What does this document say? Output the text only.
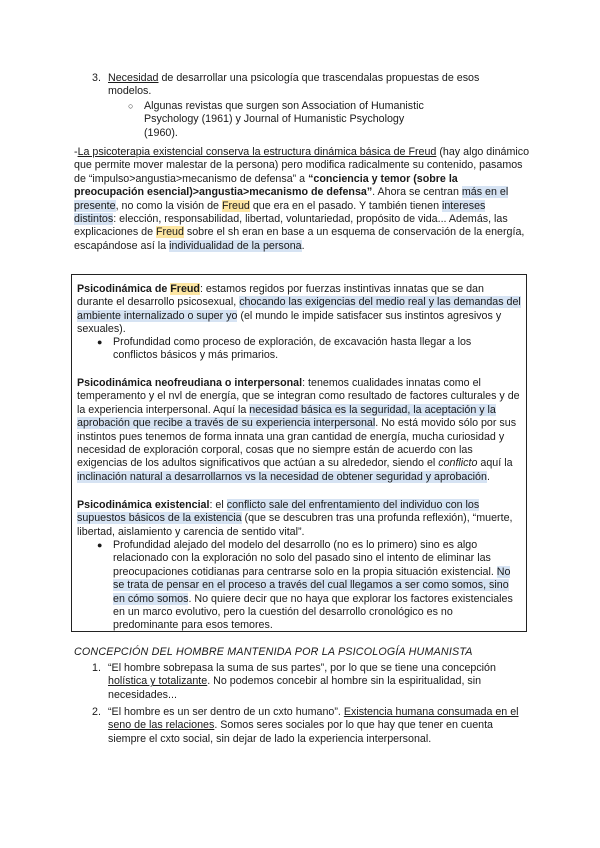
3. Necesidad de desarrollar una psicología que trascendalas propuestas de esos modelos.

○ Algunas revistas que surgen son Association of Humanistic Psychology (1961) y Journal of Humanistic Psychology (1960).

-La psicoterapia existencial conserva la estructura dinámica básica de Freud (hay algo dinámico que permite mover malestar de la persona) pero modifica radicalmente su contenido, pasamos de “impulso>angustia>mecanismo de defensa” a “conciencia y temor (sobre la preocupación esencial)>angustia>mecanismo de defensa”. Ahora se centran más en el presente, no como la visión de Freud que era en el pasado. Y también tienen intereses distintos: elección, responsabilidad, libertad, voluntariedad, propósito de vida... Además, las explicaciones de Freud sobre el sh eran en base a un esquema de conservación de la energía, escapándose así la individualidad de la persona.

Psicodinámica de Freud: estamos regidos por fuerzas instintivas innatas que se dan durante el desarrollo psicosexual, chocando las exigencias del medio real y las demandas del ambiente internalizado o super yo (el mundo le impide satisfacer sus instintos agresivos y sexuales).

● Profundidad como proceso de exploración, de excavación hasta llegar a los conflictos básicos y más primarios.

Psicodinámica neofreudiana o interpersonal: tenemos cualidades innatas como el temperamento y el nvl de energía, que se integran como resultado de factores culturales y de la experiencia interpersonal. Aquí la necesidad básica es la seguridad, la aceptación y la aprobación que recibe a través de su experiencia interpersonal. No está movido sólo por sus instintos pues tenemos de forma innata una gran cantidad de energía, mucha curiosidad y necesidad de exploración corporal, cosas que no siempre están de acuerdo con las exigencias de los adultos significativos que actúan a su alrededor, siendo el conflicto aquí la inclinación natural a desarrollarnos vs la necesidad de obtener seguridad y aprobación.

Psicodinámica existencial: el conflicto sale del enfrentamiento del individuo con los supuestos básicos de la existencia (que se descubren tras una profunda reflexión), “muerte, libertad, aislamiento y carencia de sentido vital”.

● Profundidad alejado del modelo del desarrollo (no es lo primero) sino es algo relacionado con la exploración no solo del pasado sino el intento de eliminar las preocupaciones cotidianas para centrarse solo en la propia situación existencial. No se trata de pensar en el proceso a través del cual llegamos a ser como somos, sino en cómo somos. No quiere decir que no haya que explorar los factores existenciales en un marco evolutivo, pero la cuestión del desarrollo cronológico es no predominante para esos temores.

CONCEPCIÓN DEL HOMBRE MANTENIDA POR LA PSICOLOGÍA HUMANISTA

1. “El hombre sobrepasa la suma de sus partes”, por lo que se tiene una concepción holística y totalizante. No podemos concebir al hombre sin la espiritualidad, sin necesidades...

2. “El hombre es un ser dentro de un cxto humano”. Existencia humana consumada en el seno de las relaciones. Somos seres sociales por lo que hay que tener en cuenta siempre el cxto social, sin dejar de lado la experiencia interpersonal.
